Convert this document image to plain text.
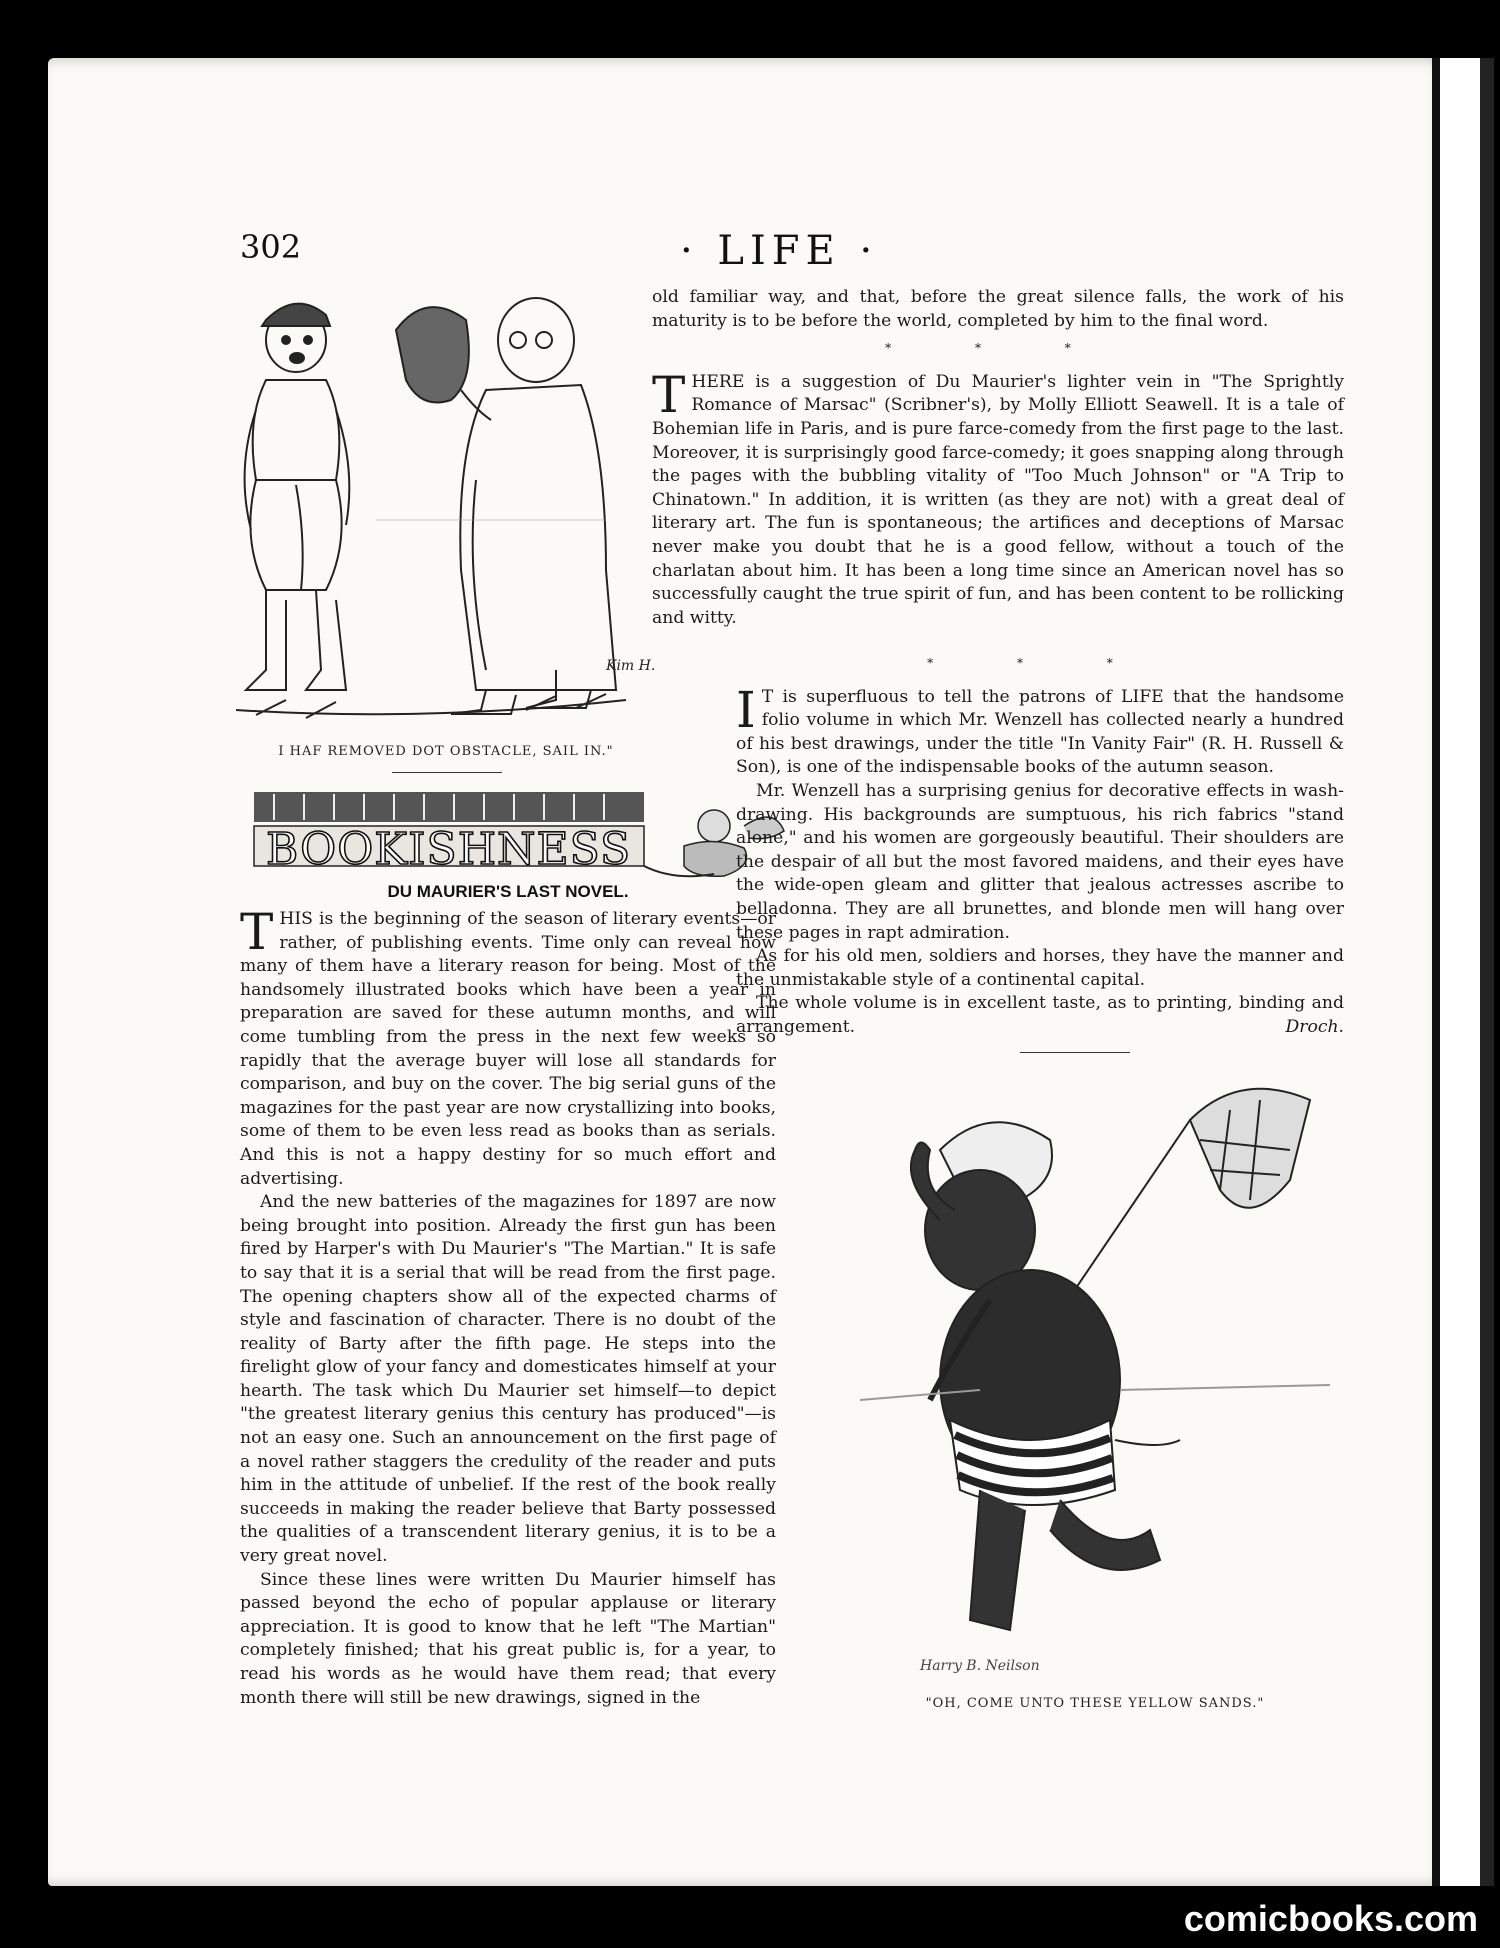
302	· LIFE ·
Kim H.
I HAF REMOVED DOT OBSTACLE, SAIL IN."
BOOKISHNESS
DU MAURIER'S LAST NOVEL.

THIS is the beginning of the season of literary events—or rather, of publishing events. Time only can reveal how many of them have a literary reason for being. Most of the handsomely illustrated books which have been a year in preparation are saved for these autumn months, and will come tumbling from the press in the next few weeks so rapidly that the average buyer will lose all standards for comparison, and buy on the cover. The big serial guns of the magazines for the past year are now crystallizing into books, some of them to be even less read as books than as serials. And this is not a happy destiny for so much effort and advertising.

And the new batteries of the magazines for 1897 are now being brought into position. Already the first gun has been fired by Harper's with Du Maurier's "The Martian." It is safe to say that it is a serial that will be read from the first page. The opening chapters show all of the expected charms of style and fascination of character. There is no doubt of the reality of Barty after the fifth page. He steps into the firelight glow of your fancy and domesticates himself at your hearth. The task which Du Maurier set himself—to depict "the greatest literary genius this century has produced"—is not an easy one. Such an announcement on the first page of a novel rather staggers the credulity of the reader and puts him in the attitude of unbelief. If the rest of the book really succeeds in making the reader believe that Barty possessed the qualities of a transcendent literary genius, it is to be a very great novel.

Since these lines were written Du Maurier himself has passed beyond the echo of popular applause or literary appreciation. It is good to know that he left "The Martian" completely finished; that his great public is, for a year, to read his words as he would have them read; that every month there will still be new drawings, signed in the

old familiar way, and that, before the great silence falls, the work of his maturity is to be before the world, completed by him to the final word.

* * *

THERE is a suggestion of Du Maurier's lighter vein in "The Sprightly Romance of Marsac" (Scribner's), by Molly Elliott Seawell. It is a tale of Bohemian life in Paris, and is pure farce-comedy from the first page to the last. Moreover, it is surprisingly good farce-comedy; it goes snapping along through the pages with the bubbling vitality of "Too Much Johnson" or "A Trip to Chinatown." In addition, it is written (as they are not) with a great deal of literary art. The fun is spontaneous; the artifices and deceptions of Marsac never make you doubt that he is a good fellow, without a touch of the charlatan about him. It has been a long time since an American novel has so successfully caught the true spirit of fun, and has been content to be rollicking and witty.

* * *

I T is superfluous to tell the patrons of LIFE that the handsome folio volume in which Mr. Wenzell has collected nearly a hundred of his best drawings, under the title "In Vanity Fair" (R. H. Russell & Son), is one of the indispensable books of the autumn season.

Mr. Wenzell has a surprising genius for decorative effects in wash-drawing. His backgrounds are sumptuous, his rich fabrics "stand alone," and his women are gorgeously beautiful. Their shoulders are the despair of all but the most favored maidens, and their eyes have the wide-open gleam and glitter that jealous actresses ascribe to belladonna. They are all brunettes, and blonde men will hang over these pages in rapt admiration.

As for his old men, soldiers and horses, they have the manner and the unmistakable style of a continental capital.

The whole volume is in excellent taste, as to printing, binding and arrangement.	Droch.

Harry B. Neilson
"OH, COME UNTO THESE YELLOW SANDS."
comicbooks.com
